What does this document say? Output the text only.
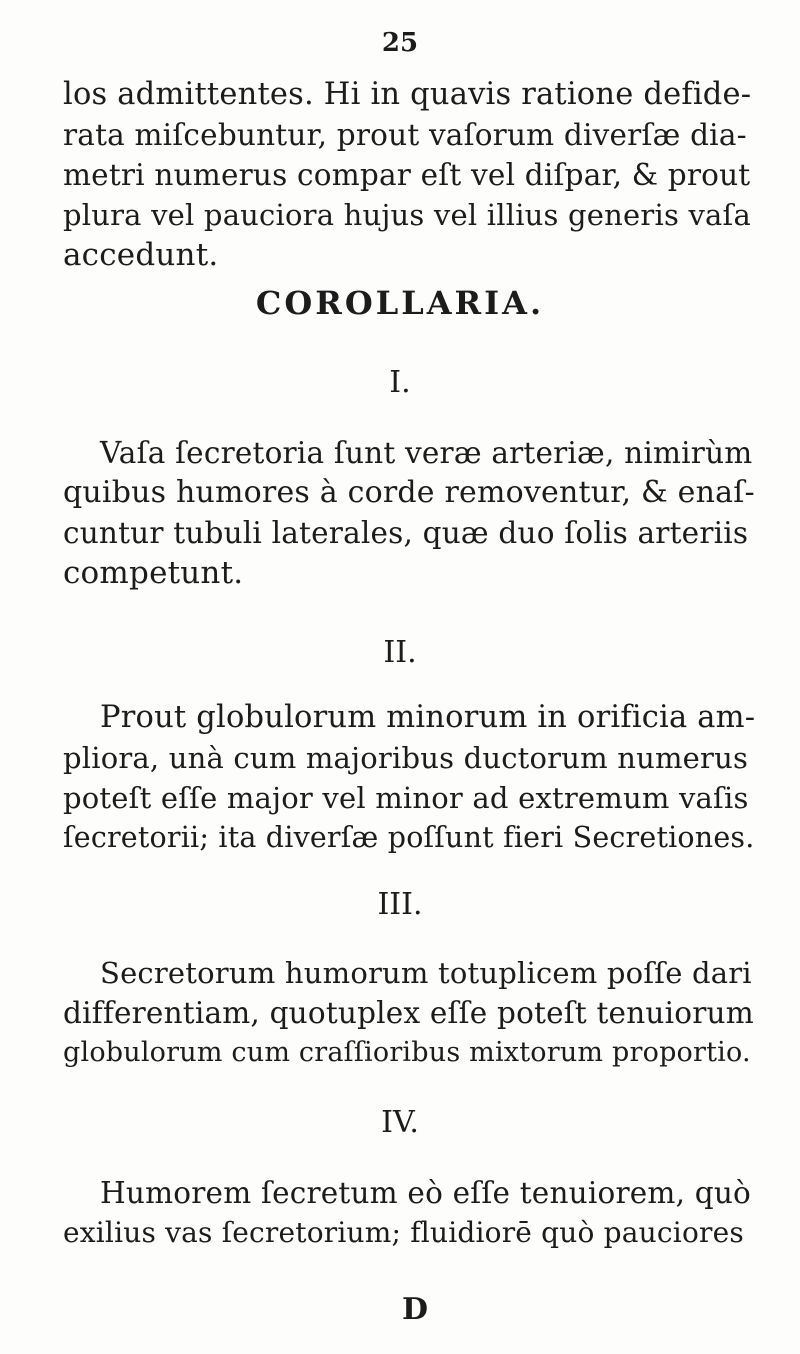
25
los admittentes. Hi in quavis ratione defide-
rata miſcebuntur, prout vaſorum diverſæ dia-
metri numerus compar eſt vel diſpar, & prout
plura vel pauciora hujus vel illius generis vaſa
accedunt.
COROLLARIA.
I.
Vaſa ſecretoria ſunt veræ arteriæ, nimirùm
quibus humores à corde removentur, & enaſ-
cuntur tubuli laterales, quæ duo ſolis arteriis
competunt.
II.
Prout globulorum minorum in orificia am-
pliora, unà cum majoribus ductorum numerus
poteſt eſſe major vel minor ad extremum vaſis
ſecretorii; ita diverſæ poſſunt fieri Secretiones.
III.
Secretorum humorum totuplicem poſſe dari
differentiam, quotuplex eſſe poteſt tenuiorum
globulorum cum craſſioribus mixtorum proportio.
IV.
Humorem ſecretum eò eſſe tenuiorem, quò
exilius vas ſecretorium; fluidiorē quò pauciores
D
